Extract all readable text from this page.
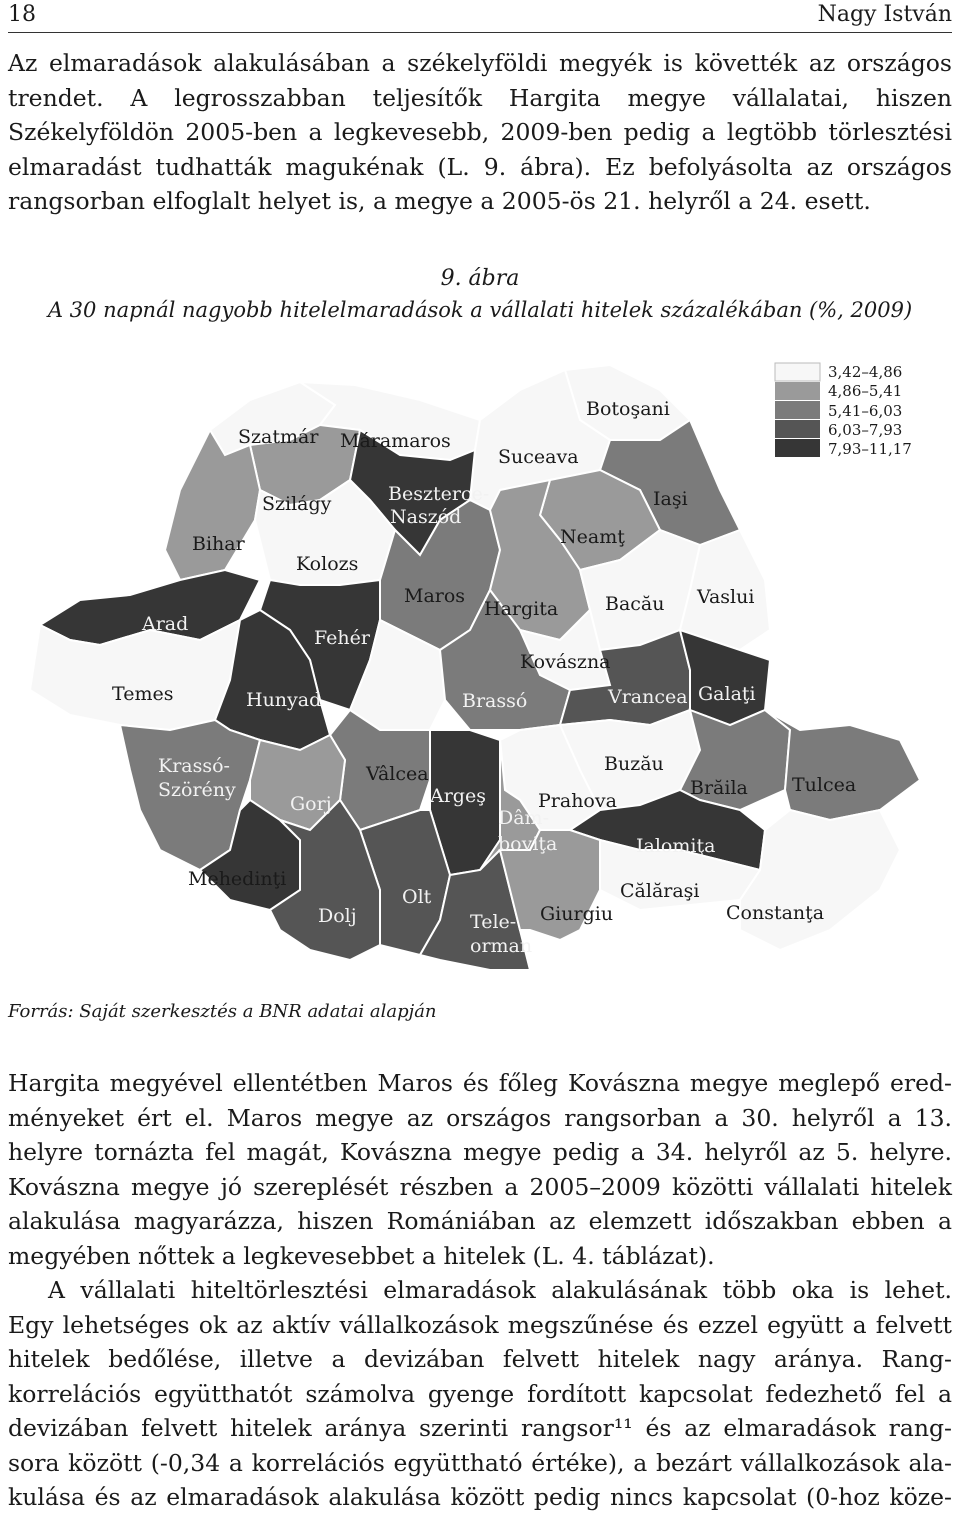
18	Nagy István

Az elmaradások alakulásában a székelyföldi megyék is követték az országos
trendet. A legrosszabban teljesítők Hargita megye vállalatai, hiszen
Székelyföldön 2005-ben a legkevesebb, 2009-ben pedig a legtöbb törlesztési
elmaradást tudhatták magukénak (L. 9. ábra). Ez befolyásolta az országos
rangsorban elfoglalt helyet is, a megye a 2005-ös 21. helyről a 24. esett.

9. ábra
A 30 napnál nagyobb hitelelmaradások a vállalati hitelek százalékában (%, 2009)
Szatmár Máramaros
Botoşani
Suceava
Szilágy	Beszterce-
Naszód
Iaşi
Bihar	Neamţ
Kolozs
Arad
Maros
Hargita Bacău Vaslui
Fehér
Kovászna
Temes	Hunyad	Brassó	Vrancea Galaţi
Krassó-
Szörény
Vâlcea
Argeş
Buzău
Brăila Tulcea
Gorj	Prahova
Dâm-
boviţa	Ialomiţa
Mehedinţi
Olt
Dolj
Călăraşi
Tele-
orman
Giurgiu	Constanţa
3,42–4,86
4,86–5,41
5,41–6,03
6,03–7,93
7,93–11,17
Forrás: Saját szerkesztés a BNR adatai alapján

Hargita megyével ellentétben Maros és főleg Kovászna megye meglepő ered-
ményeket ért el. Maros megye az országos rangsorban a 30. helyről a 13.
helyre tornázta fel magát, Kovászna megye pedig a 34. helyről az 5. helyre.
Kovászna megye jó szereplését részben a 2005–2009 közötti vállalati hitelek
alakulása magyarázza, hiszen Romániában az elemzett időszakban ebben a
megyében nőttek a legkevesebbet a hitelek (L. 4. táblázat).
A vállalati hiteltörlesztési elmaradások alakulásának több oka is lehet.
Egy lehetséges ok az aktív vállalkozások megszűnése és ezzel együtt a felvett
hitelek bedőlése, illetve a devizában felvett hitelek nagy aránya. Rang-
korrelációs együtthatót számolva gyenge fordított kapcsolat fedezhető fel a
devizában felvett hitelek aránya szerinti rangsor¹¹ és az elmaradások rang-
sora között (-0,34 a korrelációs együttható értéke), a bezárt vállalkozások ala-
kulása és az elmaradások alakulása között pedig nincs kapcsolat (0-hoz köze-
